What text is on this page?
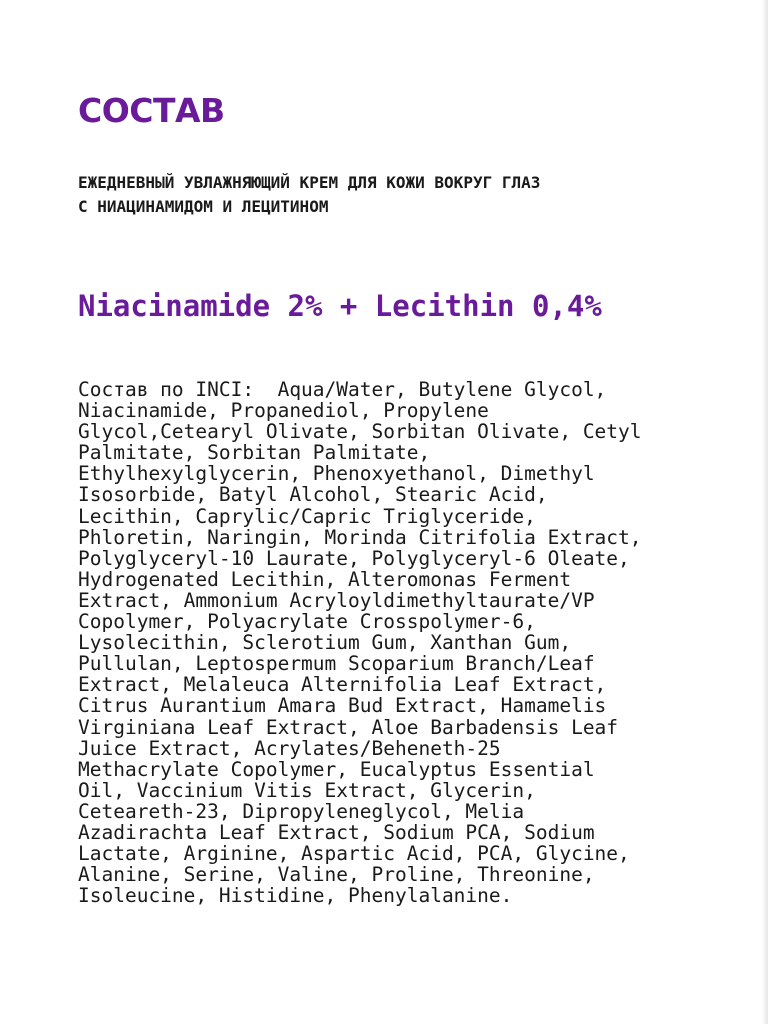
СОСТАВ
ЕЖЕДНЕВНЫЙ УВЛАЖНЯЮЩИЙ КРЕМ ДЛЯ КОЖИ ВОКРУГ ГЛАЗ
С НИАЦИНАМИДОМ И ЛЕЦИТИНОМ
Niacinamide 2% + Lecithin 0,4%
Состав по INCI:  Aqua/Water, Butylene Glycol,
Niacinamide, Propanediol, Propylene
Glycol,Cetearyl Olivate, Sorbitan Olivate, Cetyl
Palmitate, Sorbitan Palmitate,
Ethylhexylglycerin, Phenoxyethanol, Dimethyl
Isosorbide, Batyl Alcohol, Stearic Acid,
Lecithin, Caprylic/Capric Triglyceride,
Phloretin, Naringin, Morinda Citrifolia Extract,
Polyglyceryl-10 Laurate, Polyglyceryl-6 Oleate,
Hydrogenated Lecithin, Alteromonas Ferment
Extract, Ammonium Acryloyldimethyltaurate/VP
Copolymer, Polyacrylate Crosspolymer-6,
Lysolecithin, Sclerotium Gum, Xanthan Gum,
Pullulan, Leptospermum Scoparium Branch/Leaf
Extract, Melaleuca Alternifolia Leaf Extract,
Citrus Aurantium Amara Bud Extract, Hamamelis
Virginiana Leaf Extract, Aloe Barbadensis Leaf
Juice Extract, Acrylates/Beheneth-25
Methacrylate Copolymer, Eucalyptus Essential
Oil, Vaccinium Vitis Extract, Glycerin,
Ceteareth-23, Dipropyleneglycol, Melia
Azadirachta Leaf Extract, Sodium PCA, Sodium
Lactate, Arginine, Aspartic Acid, PCA, Glycine,
Alanine, Serine, Valine, Proline, Threonine,
Isoleucine, Histidine, Phenylalanine.
